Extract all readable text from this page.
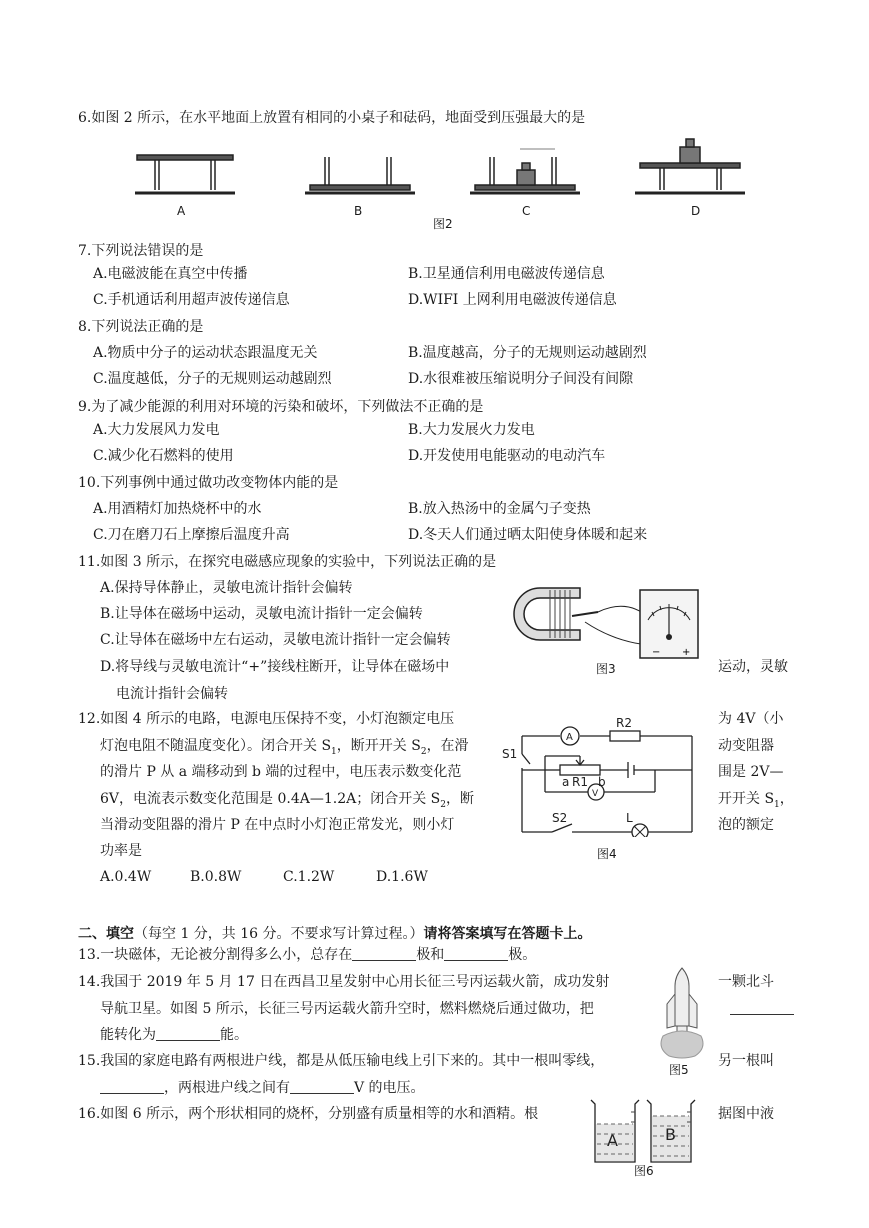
6.如图 2 所示，在水平地面上放置有相同的小桌子和砝码，地面受到压强最大的是
A	B	C	D
图2
7.下列说法错误的是
A.电磁波能在真空中传播	B.卫星通信利用电磁波传递信息
C.手机通话利用超声波传递信息	D.WIFI 上网利用电磁波传递信息
8.下列说法正确的是
A.物质中分子的运动状态跟温度无关	B.温度越高，分子的无规则运动越剧烈
C.温度越低，分子的无规则运动越剧烈	D.水很难被压缩说明分子间没有间隙
9.为了减少能源的利用对环境的污染和破坏，下列做法不正确的是
A.大力发展风力发电	B.大力发展火力发电
C.减少化石燃料的使用	D.开发使用电能驱动的电动汽车
10.下列事例中通过做功改变物体内能的是
A.用酒精灯加热烧杯中的水	B.放入热汤中的金属勺子变热
C.刀在磨刀石上摩擦后温度升高	D.冬天人们通过晒太阳使身体暖和起来
11.如图 3 所示，在探究电磁感应现象的实验中，下列说法正确的是
A.保持导体静止，灵敏电流计指针会偏转
B.让导体在磁场中运动，灵敏电流计指针一定会偏转
C.让导体在磁场中左右运动，灵敏电流计指针一定会偏转
D.将导线与灵敏电流计“+”接线柱断开，让导体在磁场中	运动，灵敏
电流计指针会偏转
− +
图3
12.如图 4 所示的电路，电源电压保持不变，小灯泡额定电压	为 4V（小
灯泡电阻不随温度变化）。闭合开关 $S_1$，断开开关 $S_2$，在滑	动变阻器
的滑片 P 从 a 端移动到 b 端的过程中，电压表示数变化范	围是 2V—
6V，电流表示数变化范围是 0.4A—1.2A；闭合开关 $S_2$，断	开开关 $S_1$，
当滑动变阻器的滑片 P 在中点时小灯泡正常发光，则小灯	泡的额定
功率是
A.0.4W	B.0.8W	C.1.2W	D.1.6W
A
V
R2
R1
a b
S1
S2	L
图4
二、填空（每空 1 分，共 16 分。不要求写计算过程。）请将答案填写在答题卡上。
13.一块磁体，无论被分割得多么小，总存在	极和	极。
14.我国于 2019 年 5 月 17 日在西昌卫星发射中心用长征三号丙运载火箭，成功发射	一颗北斗
导航卫星。如图 5 所示，长征三号丙运载火箭升空时，燃料燃烧后通过做功，把
能转化为	能。
图5
15.我国的家庭电路有两根进户线，都是从低压输电线上引下来的。其中一根叫零线，	另一根叫
，两根进户线之间有	V 的电压。
16.如图 6 所示，两个形状相同的烧杯，分别盛有质量相等的水和酒精。根	据图中液
A	B
图6
